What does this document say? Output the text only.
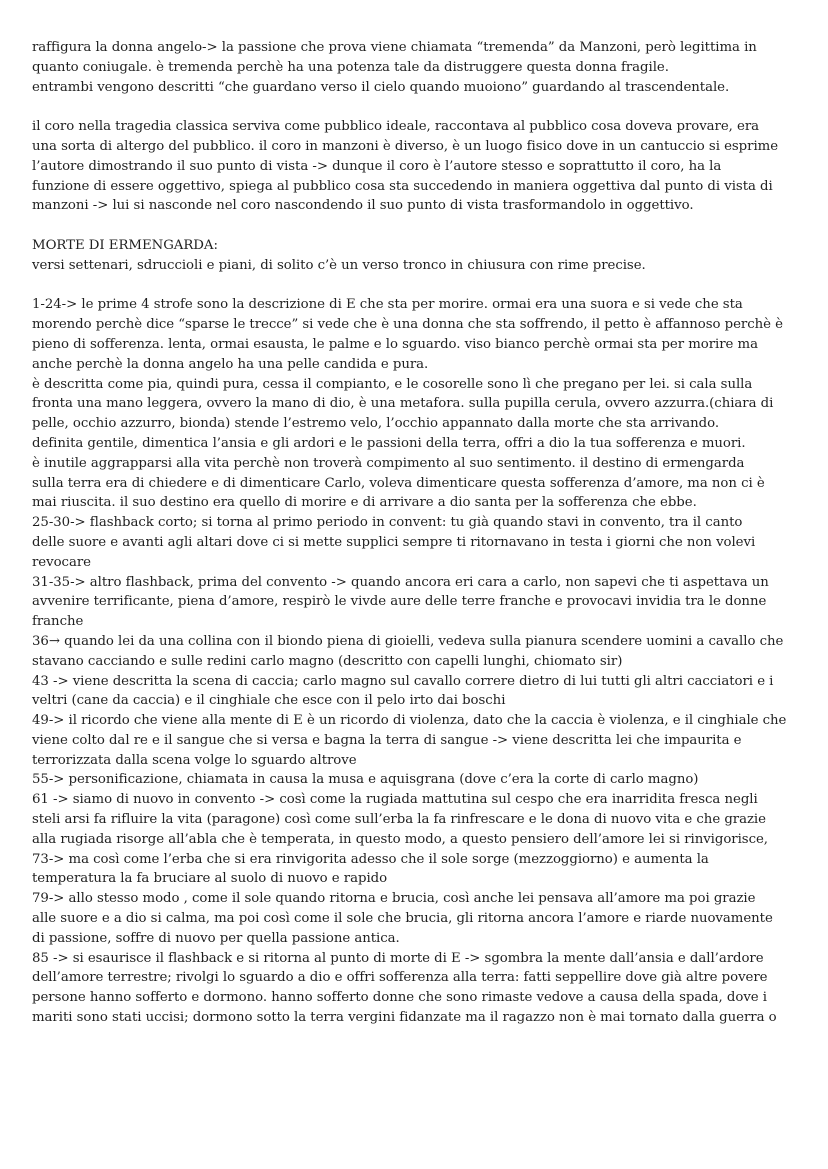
raffigura la donna angelo-> la passione che prova viene chiamata “tremenda” da Manzoni, però legittima in
quanto coniugale. è tremenda perchè ha una potenza tale da distruggere questa donna fragile.
entrambi vengono descritti “che guardano verso il cielo quando muoiono” guardando al trascendentale.

il coro nella tragedia classica serviva come pubblico ideale, raccontava al pubblico cosa doveva provare, era
una sorta di altergo del pubblico. il coro in manzoni è diverso, è un luogo fisico dove in un cantuccio si esprime
l’autore dimostrando il suo punto di vista -> dunque il coro è l’autore stesso e soprattutto il coro, ha la
funzione di essere oggettivo, spiega al pubblico cosa sta succedendo in maniera oggettiva dal punto di vista di
manzoni -> lui si nasconde nel coro nascondendo il suo punto di vista trasformandolo in oggettivo.

MORTE DI ERMENGARDA:
versi settenari, sdruccioli e piani, di solito c’è un verso tronco in chiusura con rime precise.

1-24-> le prime 4 strofe sono la descrizione di E che sta per morire. ormai era una suora e si vede che sta
morendo perchè dice “sparse le trecce” si vede che è una donna che sta soffrendo, il petto è affannoso perchè è
pieno di sofferenza. lenta, ormai esausta, le palme e lo sguardo. viso bianco perchè ormai sta per morire ma
anche perchè la donna angelo ha una pelle candida e pura.
è descritta come pia, quindi pura, cessa il compianto, e le cosorelle sono lì che pregano per lei. si cala sulla
fronta una mano leggera, ovvero la mano di dio, è una metafora. sulla pupilla cerula, ovvero azzurra.(chiara di
pelle, occhio azzurro, bionda) stende l’estremo velo, l’occhio appannato dalla morte che sta arrivando.
definita gentile, dimentica l’ansia e gli ardori e le passioni della terra, offri a dio la tua sofferenza e muori.
è inutile aggrapparsi alla vita perchè non troverà compimento al suo sentimento. il destino di ermengarda
sulla terra era di chiedere e di dimenticare Carlo, voleva dimenticare questa sofferenza d’amore, ma non ci è
mai riuscita. il suo destino era quello di morire e di arrivare a dio santa per la sofferenza che ebbe.
25-30-> flashback corto; si torna al primo periodo in convent: tu già quando stavi in convento, tra il canto
delle suore e avanti agli altari dove ci si mette supplici sempre ti ritornavano in testa i giorni che non volevi
revocare
31-35-> altro flashback, prima del convento -> quando ancora eri cara a carlo, non sapevi che ti aspettava un
avvenire terrificante, piena d’amore, respirò le vivde aure delle terre franche e provocavi invidia tra le donne
franche
36→ quando lei da una collina con il biondo piena di gioielli, vedeva sulla pianura scendere uomini a cavallo che
stavano cacciando e sulle redini carlo magno (descritto con capelli lunghi, chiomato sir)
43 -> viene descritta la scena di caccia; carlo magno sul cavallo correre dietro di lui tutti gli altri cacciatori e i
veltri (cane da caccia) e il cinghiale che esce con il pelo irto dai boschi
49-> il ricordo che viene alla mente di E è un ricordo di violenza, dato che la caccia è violenza, e il cinghiale che
viene colto dal re e il sangue che si versa e bagna la terra di sangue -> viene descritta lei che impaurita e
terrorizzata dalla scena volge lo sguardo altrove
55-> personificazione, chiamata in causa la musa e aquisgrana (dove c’era la corte di carlo magno)
61 -> siamo di nuovo in convento -> così come la rugiada mattutina sul cespo che era inarridita fresca negli
steli arsi fa rifluire la vita (paragone) così come sull’erba la fa rinfrescare e le dona di nuovo vita e che grazie
alla rugiada risorge all’abla che è temperata, in questo modo, a questo pensiero dell’amore lei si rinvigorisce,
73-> ma così come l’erba che si era rinvigorita adesso che il sole sorge (mezzoggiorno) e aumenta la
temperatura la fa bruciare al suolo di nuovo e rapido
79-> allo stesso modo , come il sole quando ritorna e brucia, così anche lei pensava all’amore ma poi grazie
alle suore e a dio si calma, ma poi così come il sole che brucia, gli ritorna ancora l’amore e riarde nuovamente
di passione, soffre di nuovo per quella passione antica.
85 -> si esaurisce il flashback e si ritorna al punto di morte di E -> sgombra la mente dall’ansia e dall’ardore
dell’amore terrestre; rivolgi lo sguardo a dio e offri sofferenza alla terra: fatti seppellire dove già altre povere
persone hanno sofferto e dormono. hanno sofferto donne che sono rimaste vedove a causa della spada, dove i
mariti sono stati uccisi; dormono sotto la terra vergini fidanzate ma il ragazzo non è mai tornato dalla guerra o
